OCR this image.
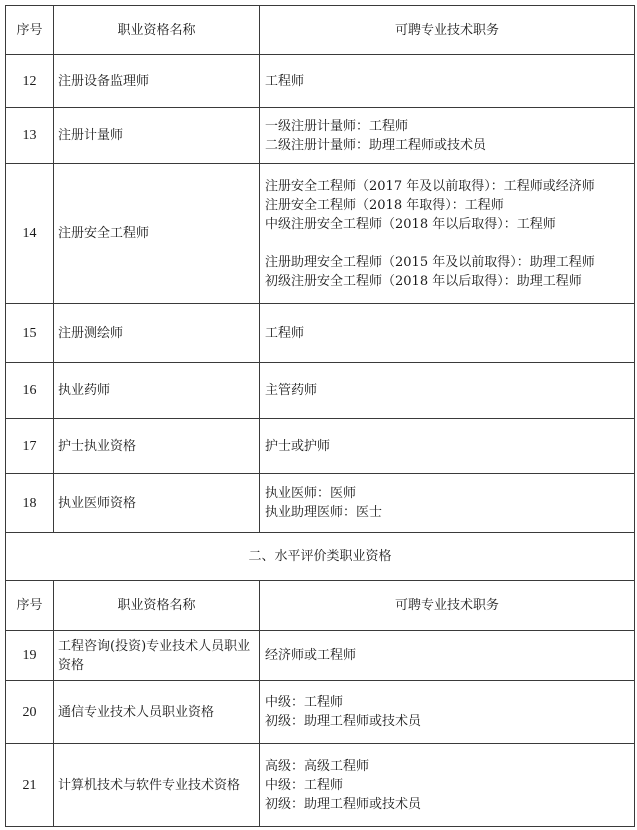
序号	职业资格名称	可聘专业技术职务
12	注册设备监理师	工程师

13	注册计量师	一级注册计量师：工程师
二级注册计量师：助理工程师或技术员

14	注册安全工程师	注册安全工程师（2017 年及以前取得）：工程师或经济师
注册安全工程师（2018 年取得）：工程师
中级注册安全工程师（2018 年以后取得）：工程师
注册助理安全工程师（2015 年及以前取得）：助理工程师
初级注册安全工程师（2018 年以后取得）：助理工程师

15	注册测绘师	工程师

16	执业药师	主管药师

17	护士执业资格	护士或护师

18	执业医师资格	执业医师：医师
执业助理医师：医士

二、水平评价类职业资格		
序号	职业资格名称	可聘专业技术职务
19	工程咨询(投资)专业技术人员职业资格	经济师或工程师

20	通信专业技术人员职业资格	中级：工程师
初级：助理工程师或技术员

21	计算机技术与软件专业技术资格	高级：高级工程师
中级：工程师
初级：助理工程师或技术员
